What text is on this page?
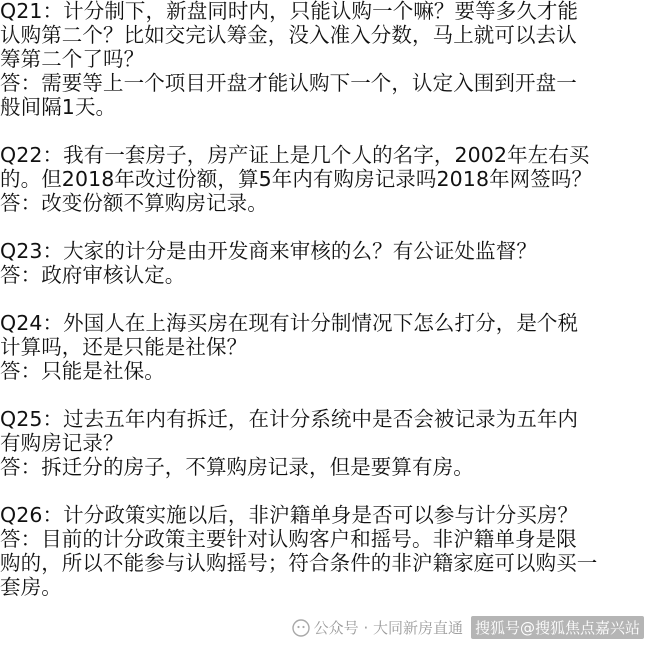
Q21：计分制下，新盘同时内，只能认购一个嘛？要等多久才能
认购第二个？比如交完认筹金，没入准入分数，马上就可以去认
筹第二个了吗？
答：需要等上一个项目开盘才能认购下一个，认定入围到开盘一
般间隔1天。
Q22：我有一套房子，房产证上是几个人的名字，2002年左右买
的。但2018年改过份额，算5年内有购房记录吗2018年网签吗？
答：改变份额不算购房记录。
Q23：大家的计分是由开发商来审核的么？有公证处监督？
答：政府审核认定。
Q24：外国人在上海买房在现有计分制情况下怎么打分，是个税
计算吗，还是只能是社保？
答：只能是社保。
Q25：过去五年内有拆迁，在计分系统中是否会被记录为五年内
有购房记录？
答：拆迁分的房子，不算购房记录，但是要算有房。
Q26：计分政策实施以后，非沪籍单身是否可以参与计分买房？
答：目前的计分政策主要针对认购客户和摇号。非沪籍单身是限
购的，所以不能参与认购摇号；符合条件的非沪籍家庭可以购买一
套房。
公众号 · 大同新房直通 搜狐号@搜狐焦点嘉兴站
